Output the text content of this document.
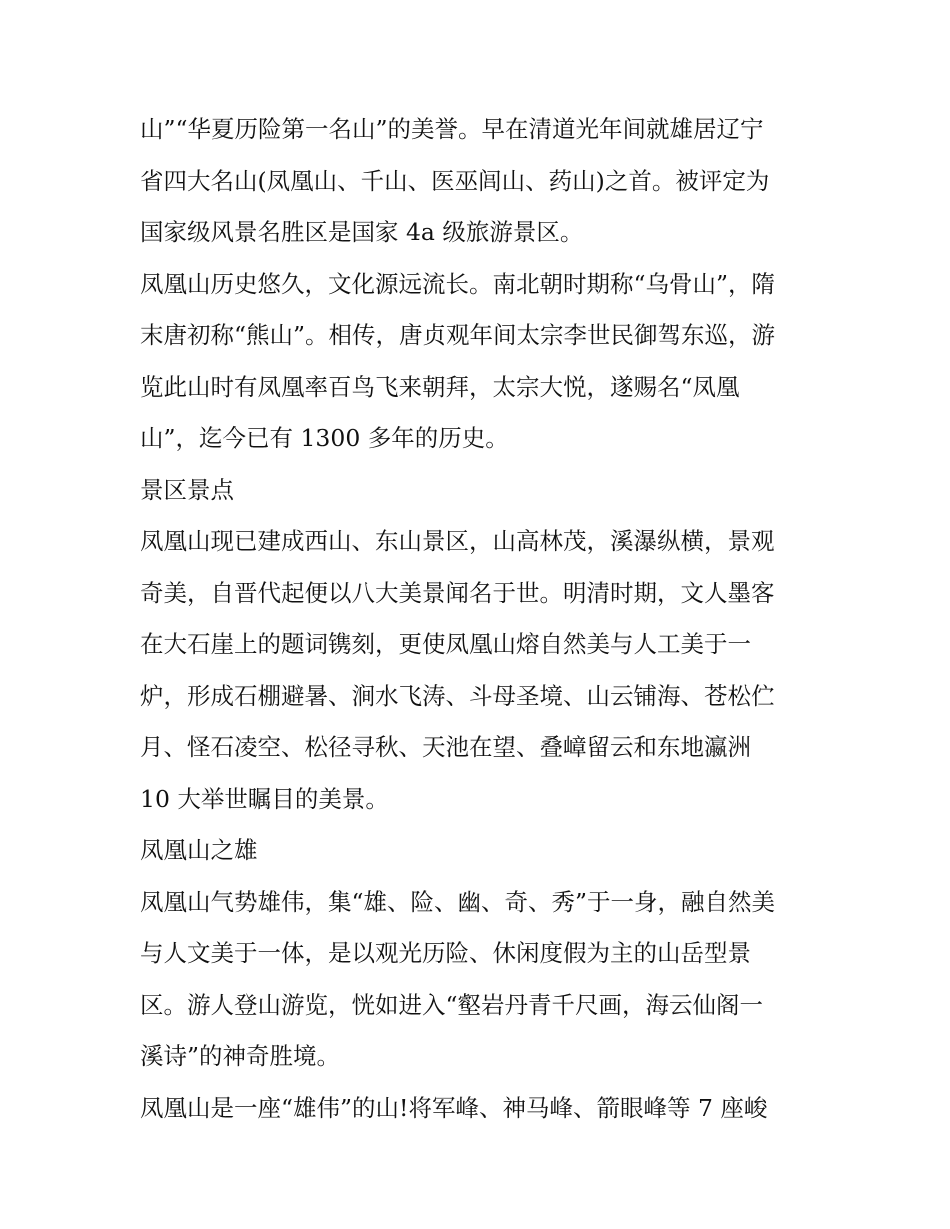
山”“华夏历险第一名山”的美誉。早在清道光年间就雄居辽宁
省四大名山(凤凰山、千山、医巫闾山、药山)之首。被评定为
国家级风景名胜区是国家 4a 级旅游景区。
凤凰山历史悠久，文化源远流长。南北朝时期称“乌骨山”，隋
末唐初称“熊山”。相传，唐贞观年间太宗李世民御驾东巡，游
览此山时有凤凰率百鸟飞来朝拜，太宗大悦，遂赐名“凤凰
山”，迄今已有 1300 多年的历史。
景区景点
凤凰山现已建成西山、东山景区，山高林茂，溪瀑纵横，景观
奇美，自晋代起便以八大美景闻名于世。明清时期，文人墨客
在大石崖上的题词镌刻，更使凤凰山熔自然美与人工美于一
炉，形成石棚避暑、涧水飞涛、斗母圣境、山云铺海、苍松伫
月、怪石凌空、松径寻秋、天池在望、叠嶂留云和东地瀛洲
10 大举世瞩目的美景。
凤凰山之雄
凤凰山气势雄伟，集“雄、险、幽、奇、秀”于一身，融自然美
与人文美于一体，是以观光历险、休闲度假为主的山岳型景
区。游人登山游览，恍如进入“壑岩丹青千尺画，海云仙阁一
溪诗”的神奇胜境。
凤凰山是一座“雄伟”的山!将军峰、神马峰、箭眼峰等 7 座峻
